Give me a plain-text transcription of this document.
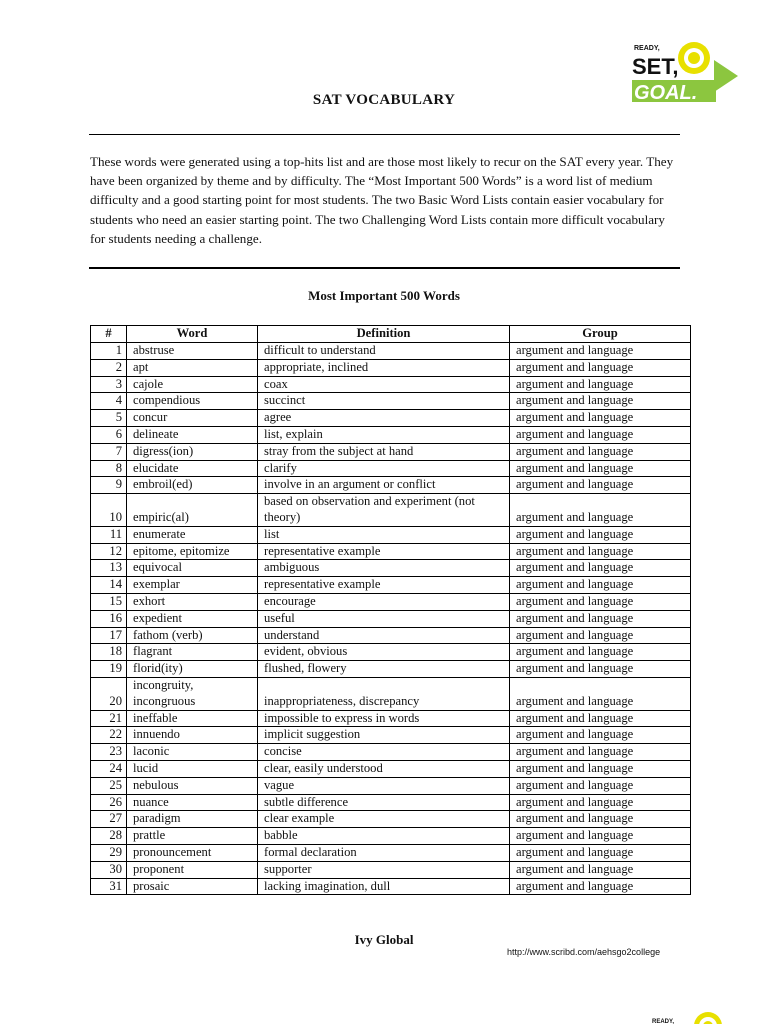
READY,
SET,
GOAL.
SAT VOCABULARY

These words were generated using a top-hits list and are those most likely to recur on the SAT every year. They have been organized by theme and by difficulty. The “Most Important 500 Words” is a word list of medium difficulty and a good starting point for most students. The two Basic Word Lists contain easier vocabulary for students who need an easier starting point. The two Challenging Word Lists contain more difficult vocabulary for students needing a challenge.

Most Important 500 Words
#	Word	Definition	Group
1	abstruse	difficult to understand	argument and language
2	apt	appropriate, inclined	argument and language
3	cajole	coax	argument and language
4	compendious	succinct	argument and language
5	concur	agree	argument and language
6	delineate	list, explain	argument and language
7	digress(ion)	stray from the subject at hand	argument and language
8	elucidate	clarify	argument and language
9	embroil(ed)	involve in an argument or conflict	argument and language
10	empiric(al)	based on observation and experiment (not theory)	argument and language
11	enumerate	list	argument and language
12	epitome, epitomize	representative example	argument and language
13	equivocal	ambiguous	argument and language
14	exemplar	representative example	argument and language
15	exhort	encourage	argument and language
16	expedient	useful	argument and language
17	fathom (verb)	understand	argument and language
18	flagrant	evident, obvious	argument and language
19	florid(ity)	flushed, flowery	argument and language
20	incongruity, incongruous	inappropriateness, discrepancy	argument and language
21	ineffable	impossible to express in words	argument and language
22	innuendo	implicit suggestion	argument and language
23	laconic	concise	argument and language
24	lucid	clear, easily understood	argument and language
25	nebulous	vague	argument and language
26	nuance	subtle difference	argument and language
27	paradigm	clear example	argument and language
28	prattle	babble	argument and language
29	pronouncement	formal declaration	argument and language
30	proponent	supporter	argument and language
31	prosaic	lacking imagination, dull	argument and language
Ivy Global
http://www.scribd.com/aehsgo2college
READY,
